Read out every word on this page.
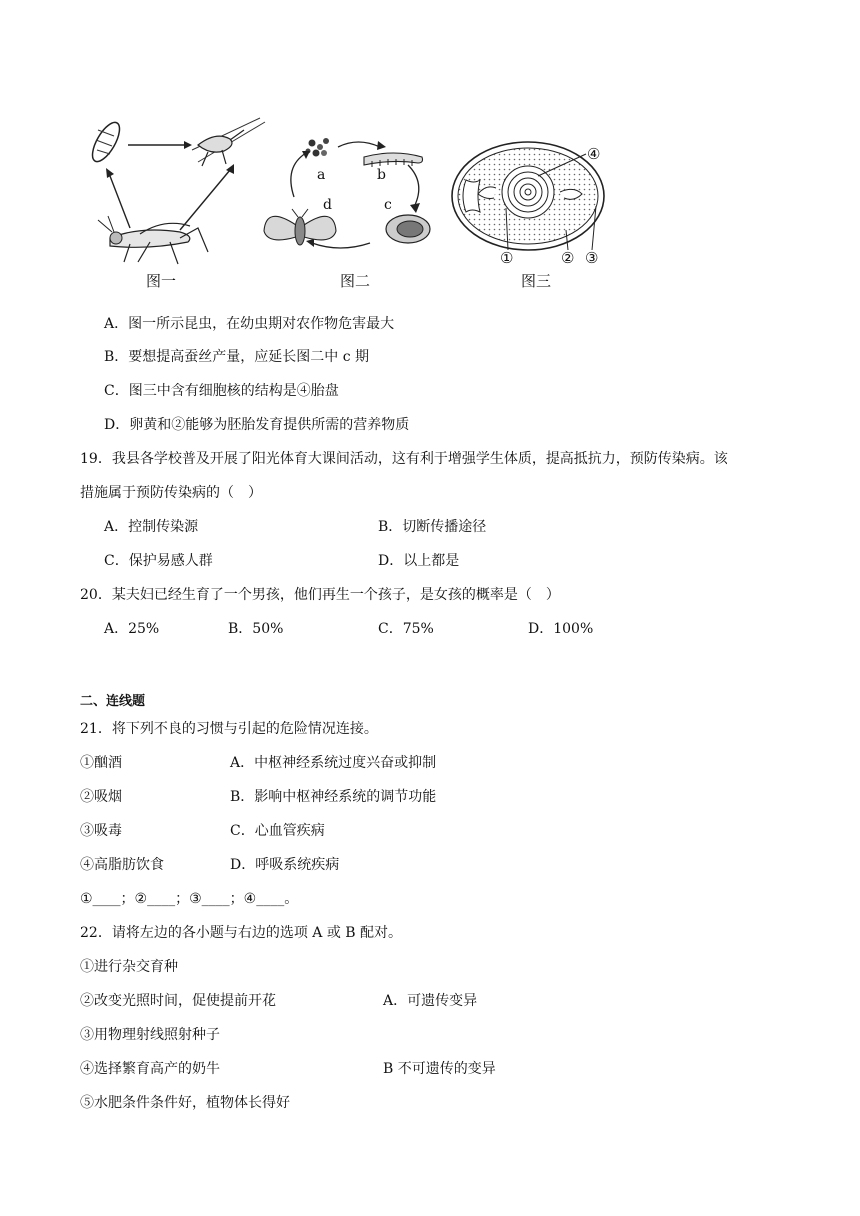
图一
a	b
c
d
图二
④
①	② ③
图三
A．图一所示昆虫，在幼虫期对农作物危害最大
B．要想提高蚕丝产量，应延长图二中 c 期
C．图三中含有细胞核的结构是④胎盘
D．卵黄和②能够为胚胎发育提供所需的营养物质
19．我县各学校普及开展了阳光体育大课间活动，这有利于增强学生体质，提高抵抗力，预防传染病。该
措施属于预防传染病的（　）
A．控制传染源	B．切断传播途径
C．保护易感人群	D．以上都是
20．某夫妇已经生育了一个男孩，他们再生一个孩子，是女孩的概率是（　）
A．25%	B．50%	C．75%	D．100%
二、连线题
21．将下列不良的习惯与引起的危险情况连接。
①酗酒	A．中枢神经系统过度兴奋或抑制
②吸烟	B．影响中枢神经系统的调节功能
③吸毒	C．心血管疾病
④高脂肪饮食	D．呼吸系统疾病
①____；②____；③____；④____。
22．请将左边的各小题与右边的选项 A 或 B 配对。
①进行杂交育种
②改变光照时间，促使提前开花	A．可遗传变异
③用物理射线照射种子
④选择繁育高产的奶牛	B 不可遗传的变异
⑤水肥条件条件好，植物体长得好
